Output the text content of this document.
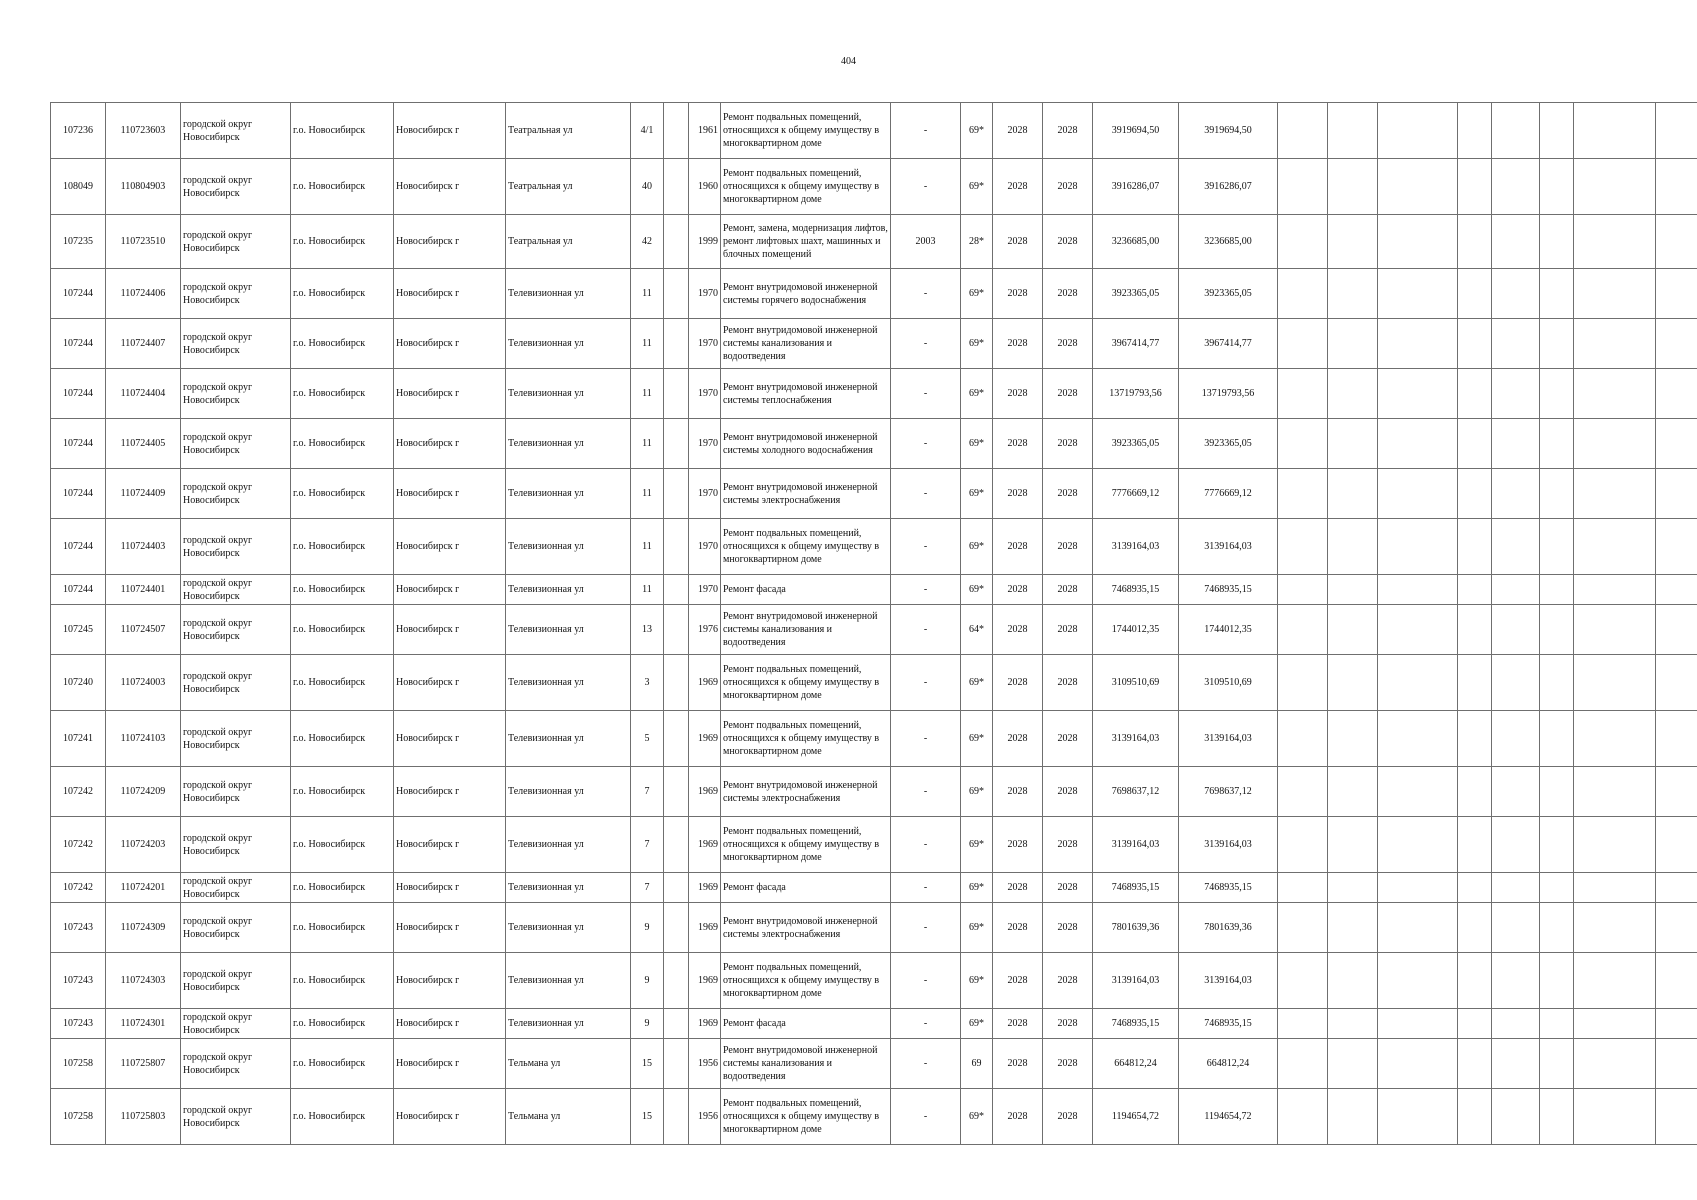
404
107236	110723603	городской округ Новосибирск	г.о. Новосибирск	Новосибирск г	Театральная ул	4/1		1961	Ремонт подвальных помещений, относящихся к общему имуществу в многоквартирном доме	-	69*	2028	2028	3919694,50	3919694,50								
108049	110804903	городской округ Новосибирск	г.о. Новосибирск	Новосибирск г	Театральная ул	40		1960	Ремонт подвальных помещений, относящихся к общему имуществу в многоквартирном доме	-	69*	2028	2028	3916286,07	3916286,07								
107235	110723510	городской округ Новосибирск	г.о. Новосибирск	Новосибирск г	Театральная ул	42		1999	Ремонт, замена, модернизация лифтов, ремонт лифтовых шахт, машинных и блочных помещений	2003	28*	2028	2028	3236685,00	3236685,00								
107244	110724406	городской округ Новосибирск	г.о. Новосибирск	Новосибирск г	Телевизионная ул	11		1970	Ремонт внутридомовой инженерной системы горячего водоснабжения	-	69*	2028	2028	3923365,05	3923365,05								
107244	110724407	городской округ Новосибирск	г.о. Новосибирск	Новосибирск г	Телевизионная ул	11		1970	Ремонт внутридомовой инженерной системы канализования и водоотведения	-	69*	2028	2028	3967414,77	3967414,77								
107244	110724404	городской округ Новосибирск	г.о. Новосибирск	Новосибирск г	Телевизионная ул	11		1970	Ремонт внутридомовой инженерной системы теплоснабжения	-	69*	2028	2028	13719793,56	13719793,56								
107244	110724405	городской округ Новосибирск	г.о. Новосибирск	Новосибирск г	Телевизионная ул	11		1970	Ремонт внутридомовой инженерной системы холодного водоснабжения	-	69*	2028	2028	3923365,05	3923365,05								
107244	110724409	городской округ Новосибирск	г.о. Новосибирск	Новосибирск г	Телевизионная ул	11		1970	Ремонт внутридомовой инженерной системы электроснабжения	-	69*	2028	2028	7776669,12	7776669,12								
107244	110724403	городской округ Новосибирск	г.о. Новосибирск	Новосибирск г	Телевизионная ул	11		1970	Ремонт подвальных помещений, относящихся к общему имуществу в многоквартирном доме	-	69*	2028	2028	3139164,03	3139164,03								
107244	110724401	городской округ Новосибирск	г.о. Новосибирск	Новосибирск г	Телевизионная ул	11		1970	Ремонт фасада	-	69*	2028	2028	7468935,15	7468935,15								
107245	110724507	городской округ Новосибирск	г.о. Новосибирск	Новосибирск г	Телевизионная ул	13		1976	Ремонт внутридомовой инженерной системы канализования и водоотведения	-	64*	2028	2028	1744012,35	1744012,35								
107240	110724003	городской округ Новосибирск	г.о. Новосибирск	Новосибирск г	Телевизионная ул	3		1969	Ремонт подвальных помещений, относящихся к общему имуществу в многоквартирном доме	-	69*	2028	2028	3109510,69	3109510,69								
107241	110724103	городской округ Новосибирск	г.о. Новосибирск	Новосибирск г	Телевизионная ул	5		1969	Ремонт подвальных помещений, относящихся к общему имуществу в многоквартирном доме	-	69*	2028	2028	3139164,03	3139164,03								
107242	110724209	городской округ Новосибирск	г.о. Новосибирск	Новосибирск г	Телевизионная ул	7		1969	Ремонт внутридомовой инженерной системы электроснабжения	-	69*	2028	2028	7698637,12	7698637,12								
107242	110724203	городской округ Новосибирск	г.о. Новосибирск	Новосибирск г	Телевизионная ул	7		1969	Ремонт подвальных помещений, относящихся к общему имуществу в многоквартирном доме	-	69*	2028	2028	3139164,03	3139164,03								
107242	110724201	городской округ Новосибирск	г.о. Новосибирск	Новосибирск г	Телевизионная ул	7		1969	Ремонт фасада	-	69*	2028	2028	7468935,15	7468935,15								
107243	110724309	городской округ Новосибирск	г.о. Новосибирск	Новосибирск г	Телевизионная ул	9		1969	Ремонт внутридомовой инженерной системы электроснабжения	-	69*	2028	2028	7801639,36	7801639,36								
107243	110724303	городской округ Новосибирск	г.о. Новосибирск	Новосибирск г	Телевизионная ул	9		1969	Ремонт подвальных помещений, относящихся к общему имуществу в многоквартирном доме	-	69*	2028	2028	3139164,03	3139164,03								
107243	110724301	городской округ Новосибирск	г.о. Новосибирск	Новосибирск г	Телевизионная ул	9		1969	Ремонт фасада	-	69*	2028	2028	7468935,15	7468935,15								
107258	110725807	городской округ Новосибирск	г.о. Новосибирск	Новосибирск г	Тельмана ул	15		1956	Ремонт внутридомовой инженерной системы канализования и водоотведения	-	69	2028	2028	664812,24	664812,24								
107258	110725803	городской округ Новосибирск	г.о. Новосибирск	Новосибирск г	Тельмана ул	15		1956	Ремонт подвальных помещений, относящихся к общему имуществу в многоквартирном доме	-	69*	2028	2028	1194654,72	1194654,72								
